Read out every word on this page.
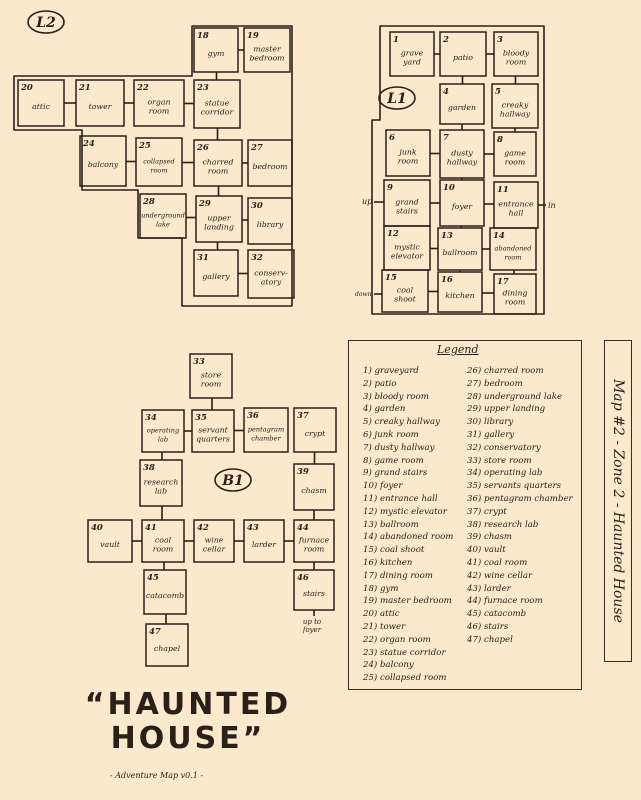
L2
18
gym
19
master
bedroom
20
attic
21
tower
22
organ
room
23
statue
corridor
24
balcony
25
collapsed
room
26
charred
room
27
bedroom
28
underground
lake
29
upper
landing
30
library
31
gallery
32
conserv-
atory
L1
1
grave
yard
2
patio
3
bloody
room
4
garden
5
creaky
hallway
6
junk
room
7
dusty
hallway
8
game
room
9
grand
stairs
10
foyer
11
entrance
hall
12
mystic
elevator
13
ballroom
14
abandoned
room
15
coal
shoot
16
kitchen
17
dining
room
B1
33
store
room
34
operating
lab
35
servant
quarters
36
pentagram
chamber
37
crypt
38
research
lab
39
chasm
40
vault
41
coal
room
42
wine
cellar
43
larder
44
furnace
room
45
catacomb
46
stairs
47
chapel
up	in
down
up to
foyer
Legend
1) graveyard
2) patio
3) bloody room
4) garden
5) creaky hallway
6) junk room
7) dusty hallway
8) game room
9) grand stairs
10) foyer
11) entrance hall
12) mystic elevator
13) ballroom
14) abandoned room
15) coal shoot
16) kitchen
17) dining room
18) gym
19) master bedroom
20) attic
21) tower
22) organ room
23) statue corridor
24) balcony
25) collapsed room
26) charred room
27) bedroom
28) underground lake
29) upper landing
30) library
31) gallery
32) conservatory
33) store room
34) operating lab
35) servants quarters
36) pentagram chamber
37) crypt
38) research lab
39) chasm
40) vault
41) coal room
42) wine cellar
43) larder
44) furnace room
45) catacomb
46) stairs
47) chapel
Map #2 - Zone 2 - Haunted House
“HAUNTED
HOUSE”
- Adventure Map v0.1 -
